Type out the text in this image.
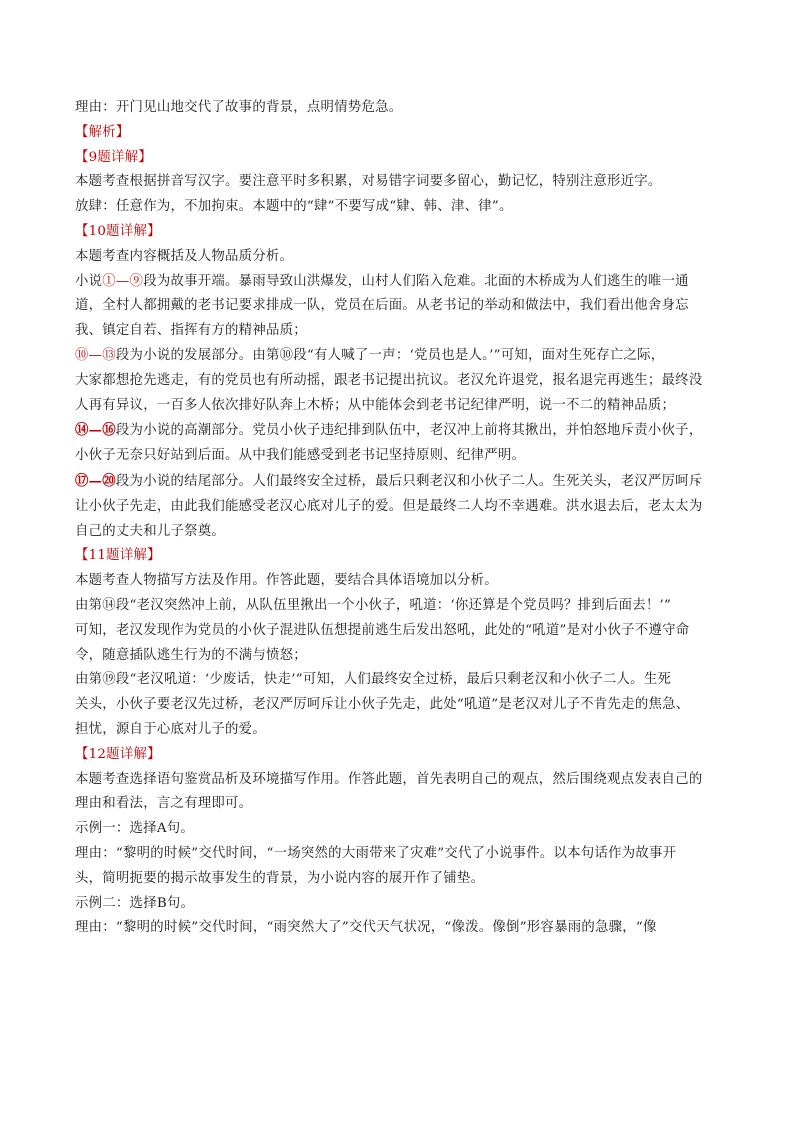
理由：开门见山地交代了故事的背景，点明情势危急。
【解析】
【9题详解】
本题考查根据拼音写汉字。要注意平时多积累，对易错字词要多留心，勤记忆，特别注意形近字。
放肆：任意作为，不加拘束。本题中的“肆”不要写成“肄、韩、津、律”。
【10题详解】
本题考查内容概括及人物品质分析。
小说①—⑨段为故事开端。暴雨导致山洪爆发，山村人们陷入危难。北面的木桥成为人们逃生的唯一通
道，全村人都拥戴的老书记要求排成一队，党员在后面。从老书记的举动和做法中，我们看出他舍身忘
我、镇定自若、指挥有方的精神品质；
⑩—⑬段为小说的发展部分。由第⑩段“有人喊了一声：‘党员也是人。’”可知，面对生死存亡之际，
大家都想抢先逃走，有的党员也有所动摇，跟老书记提出抗议。老汉允许退党，报名退完再逃生；最终没
人再有异议，一百多人依次排好队奔上木桥；从中能体会到老书记纪律严明，说一不二的精神品质；
⑭—⑯段为小说的高潮部分。党员小伙子违纪排到队伍中，老汉冲上前将其揪出，并怕怒地斥责小伙子，
小伙子无奈只好站到后面。从中我们能感受到老书记坚持原则、纪律严明。
⑰—⑳段为小说的结尾部分。人们最终安全过桥，最后只剩老汉和小伙子二人。生死关头，老汉严厉呵斥
让小伙子先走，由此我们能感受老汉心底对儿子的爱。但是最终二人均不幸遇难。洪水退去后，老太太为
自己的丈夫和儿子祭奠。
【11题详解】
本题考查人物描写方法及作用。作答此题，要结合具体语境加以分析。
由第⑭段“老汉突然冲上前，从队伍里揪出一个小伙子，吼道：‘你还算是个党员吗？排到后面去！’”
可知，老汉发现作为党员的小伙子混进队伍想提前逃生后发出怒吼，此处的“吼道”是对小伙子不遵守命
令，随意插队逃生行为的不满与愤怒；
由第⑲段“老汉吼道：‘少废话，快走’”可知，人们最终安全过桥，最后只剩老汉和小伙子二人。生死
关头，小伙子要老汉先过桥，老汉严厉呵斥让小伙子先走，此处“吼道”是老汉对儿子不肯先走的焦急、
担忧，源自于心底对儿子的爱。
【12题详解】
本题考查选择语句鉴赏品析及环境描写作用。作答此题，首先表明自己的观点，然后围绕观点发表自己的
理由和看法，言之有理即可。
示例一：选择A句。
理由：“黎明的时候”交代时间，“一场突然的大雨带来了灾难”交代了小说事件。以本句话作为故事开
头，简明扼要的揭示故事发生的背景，为小说内容的展开作了铺垫。
示例二：选择B句。
理由：“黎明的时候”交代时间，“雨突然大了”交代天气状况，“像泼。像倒”形容暴雨的急骤，“像
